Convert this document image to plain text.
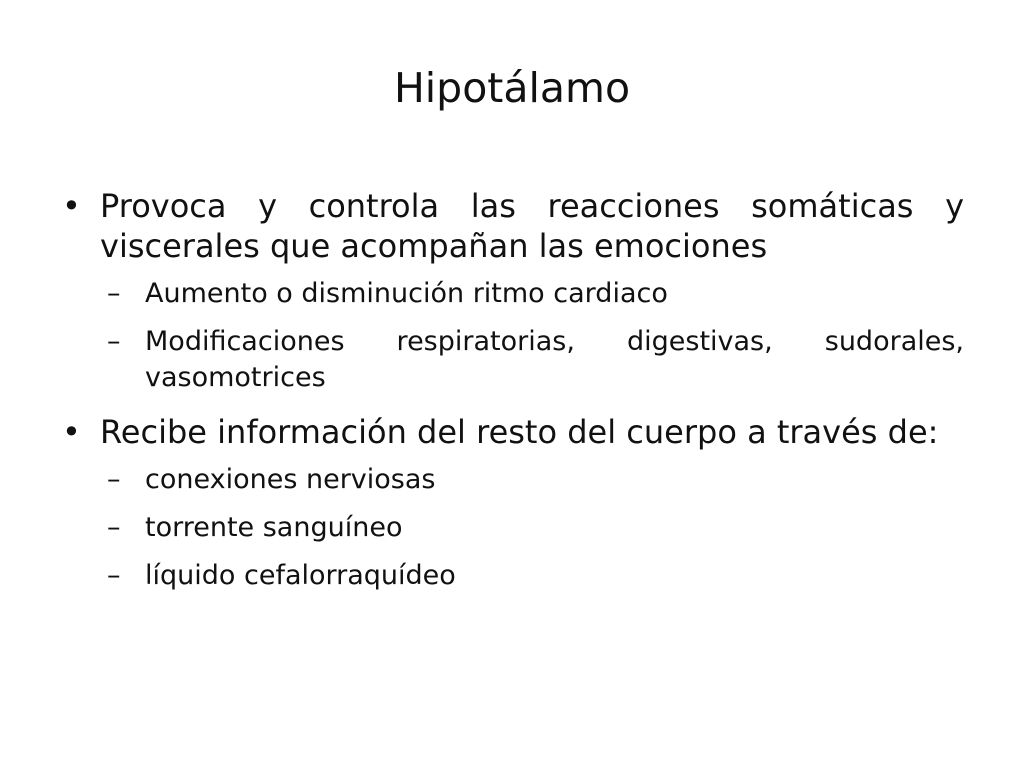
Hipotálamo
• Provoca y controla las reacciones somáticas y viscerales que acompañan las emociones
– Aumento o disminución ritmo cardiaco
– Modificaciones respiratorias, digestivas, sudorales, vasomotrices
• Recibe información del resto del cuerpo a través de:
– conexiones nerviosas
– torrente sanguíneo
– líquido cefalorraquídeo
